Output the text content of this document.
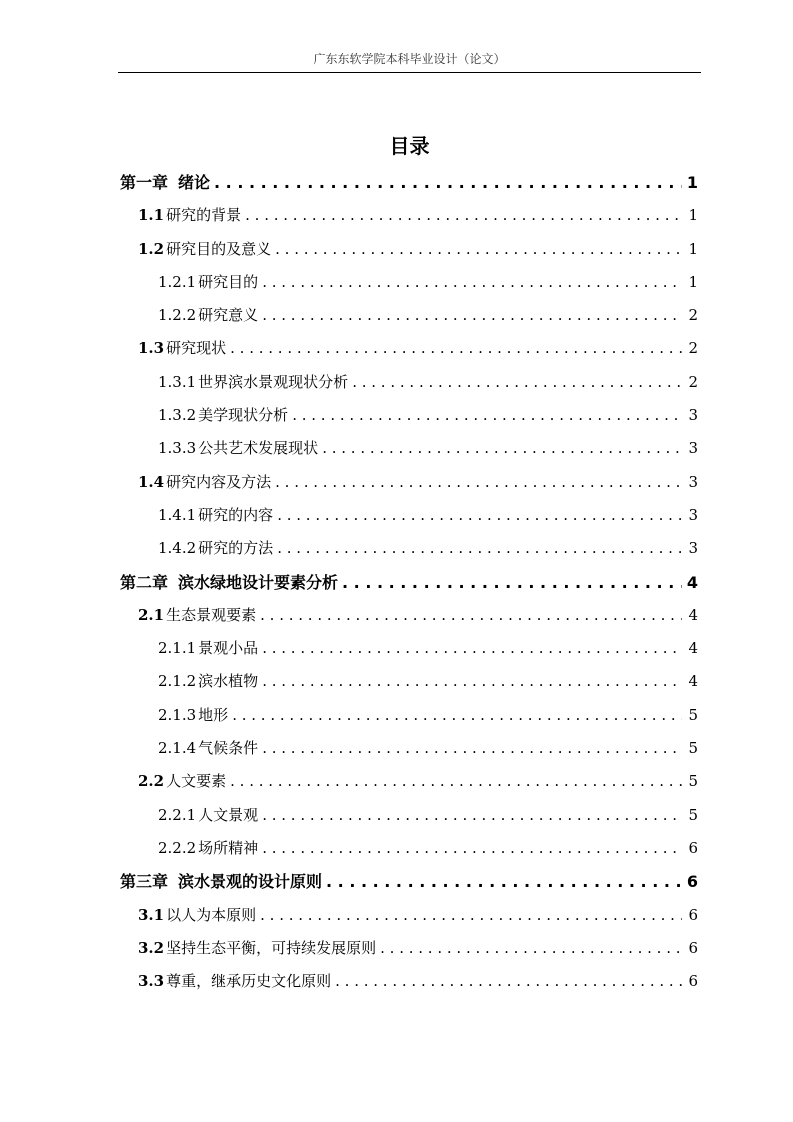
广东东软学院本科毕业设计（论文）
目录
第一章
  绪论 . . .	1
1.1 研究的背景 . . .	1
1.2 研究目的及意义 . . .	1
1.2.1 研究目的 . . .	1
1.2.2 研究意义 . . .	2
1.3 研究现状 . . .	2
1.3.1 世界滨水景观现状分析 . . .	2
1.3.2 美学现状分析 . . .	3
1.3.3 公共艺术发展现状 . . .	3
1.4 研究内容及方法 . . .	3
1.4.1 研究的内容 . . .	3
1.4.2 研究的方法 . . .	3
第二章
  滨水绿地设计要素分析 . . .	4
2.1 生态景观要素 . . .	4
2.1.1 景观小品 . . .	4
2.1.2 滨水植物 . . .	4
2.1.3 地形 . . .	5
2.1.4 气候条件 . . .	5
2.2 人文要素 . . .	5
2.2.1 人文景观 . . .	5
2.2.2 场所精神 . . .	6
第三章
  滨水景观的设计原则 . . .	6
3.1 以人为本原则 . . .	6
3.2 坚持生态平衡，可持续发展原则 . . .	6
3.3 尊重，继承历史文化原则 . . .	6
